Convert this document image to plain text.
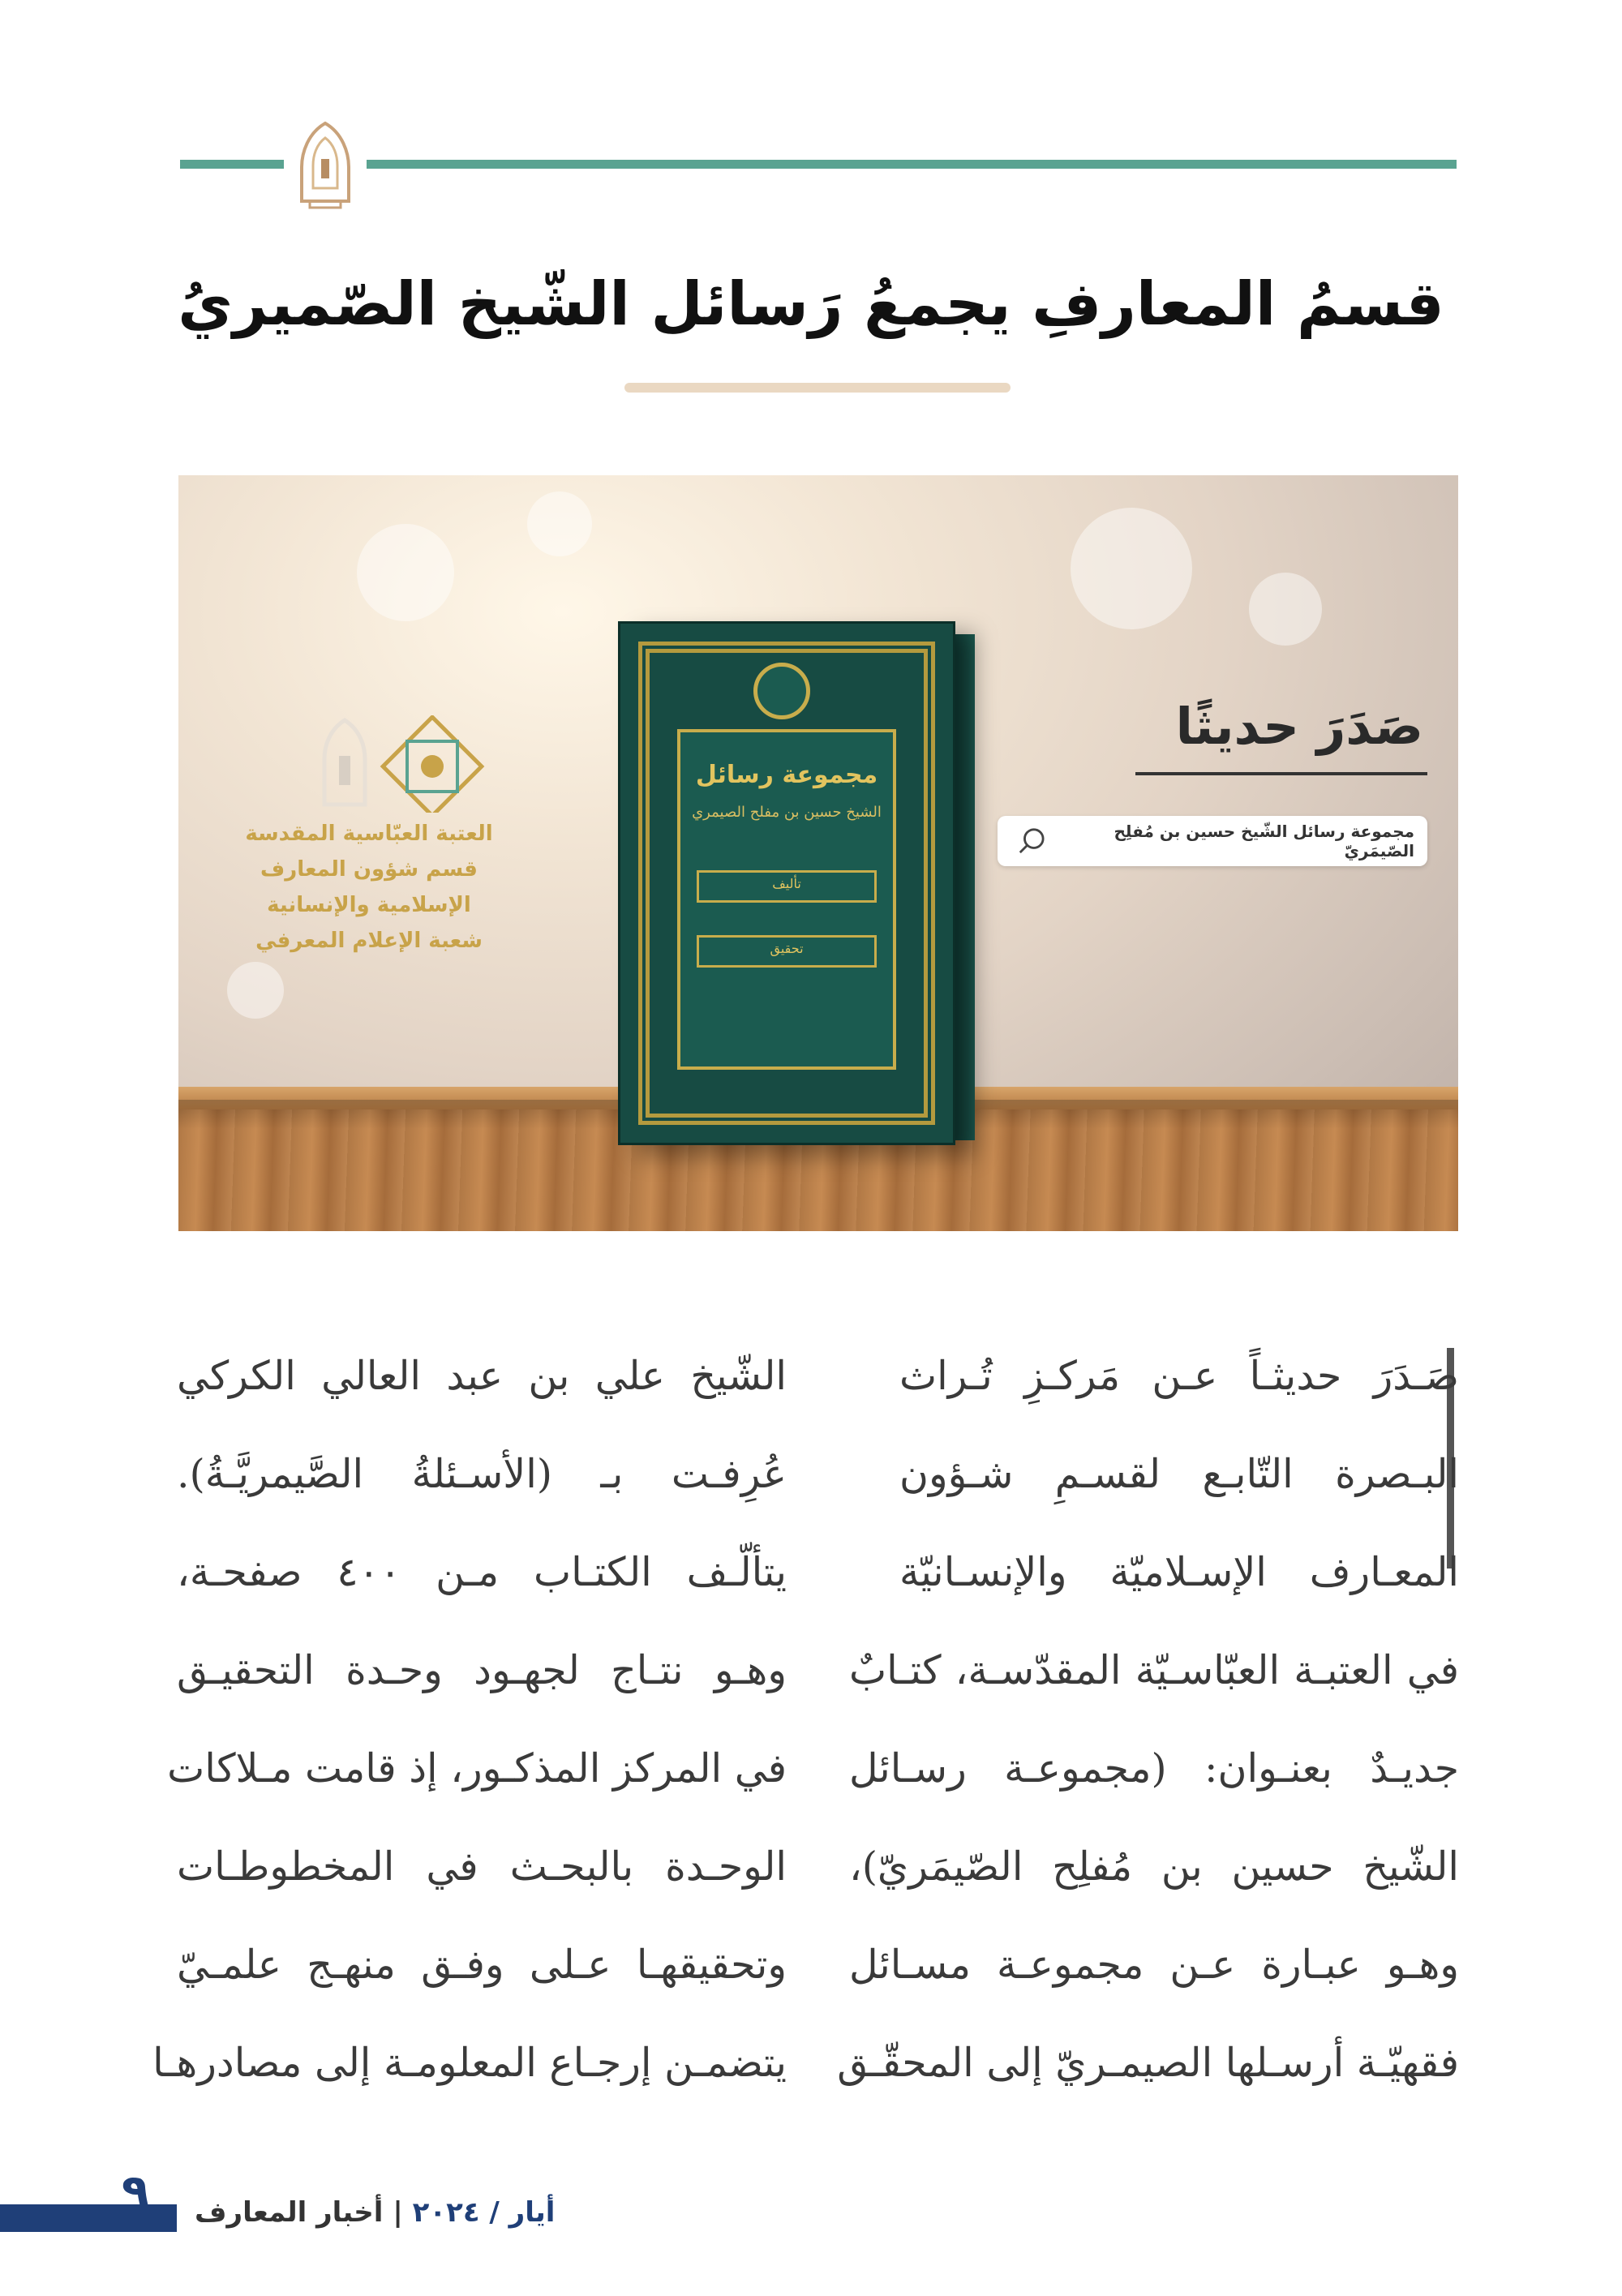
قسمُ المعارفِ يجمعُ رَسائل الشّيخ الصّميريُ
مجموعة رسائل
الشيخ حسين بن مفلح الصيمري
تأليف
تحقيق
العتبة العبّاسية المقدسة
قسم شؤون المعارف الإسلامية والإنسانية
شعبة الإعلام المعرفي
صَدَرَ حديثًا
مجموعة رسائل الشّيخ حسين بن مُفلِح الصّيمَريّ
صَـدَرَ حديثـاً عـن مَركـزِ تُـراث
البـصرة التّابـع لقسـمِ شـؤون
المعـارف الإسـلاميّة والإنسـانيّة
في العتبـة العبّاسـيّة المقدّسـة، كتـابٌ
جديـدٌ بعنـوان: (مجموعـة رسـائل
الشّيخ حسين بن مُفلِح الصّيمَريّ)،
وهـو عبـارة عـن مجموعـة مسـائل
فقهيّـة أرسـلها الصيمـريّ إلى المحقّـق
الشّيخ علي بن عبد العالي الكركي
عُرِفـت بـ (الأسـئلةُ الصَّيمريَّـةُ).
يتألّـف الكتـاب مـن ٤٠٠ صفحـة،
وهـو نتـاج لجهـود وحـدة التحقيـق
في المركز المذكـور، إذ قامت مـلاكات
الوحـدة بالبحـث في المخطوطـات
وتحقيقهـا عـلى وفـق منهـج علمـيّ
يتضمـن إرجـاع المعلومـة إلى مصادرهـا
٩	أيار / ٢٠٢٤ | أخبار المعارف
